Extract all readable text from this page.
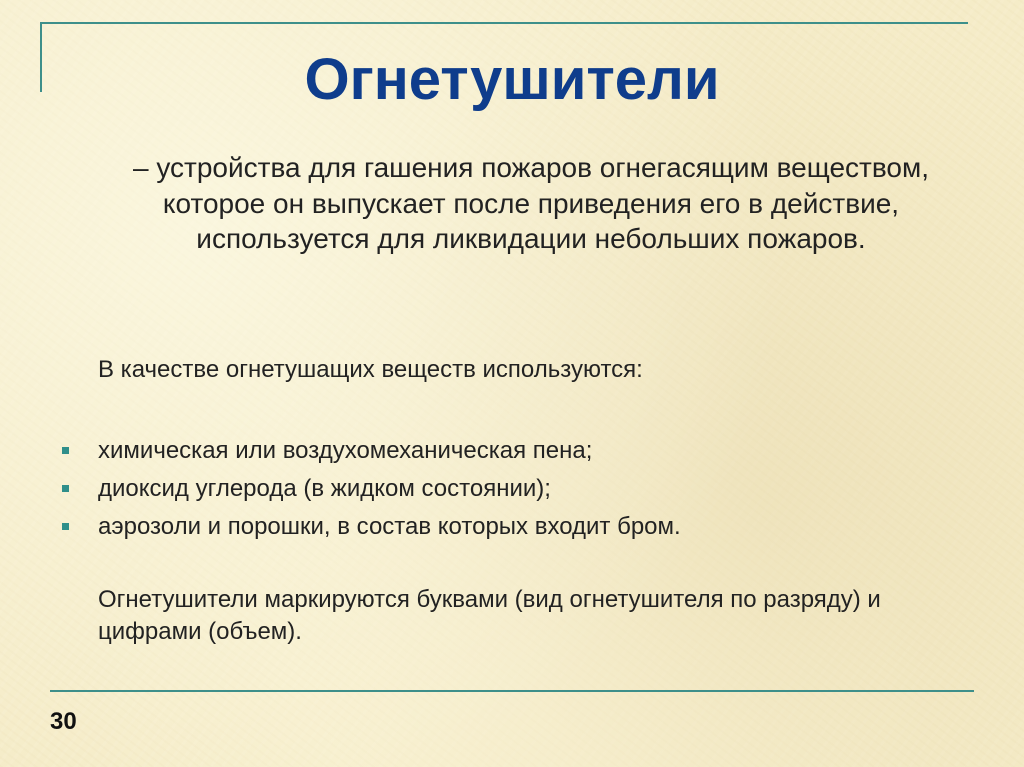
Огнетушители

– устройства для гашения пожаров огнегасящим веществом, которое он выпускает после приведения его в действие, используется для ликвидации небольших пожаров.

В качестве огнетушащих веществ используются:

химическая или воздухомеханическая пена;
диоксид углерода (в жидком состоянии);
аэрозоли и порошки, в состав которых входит бром.

Огнетушители маркируются буквами (вид огнетушителя по разряду) и цифрами (объем).

30
